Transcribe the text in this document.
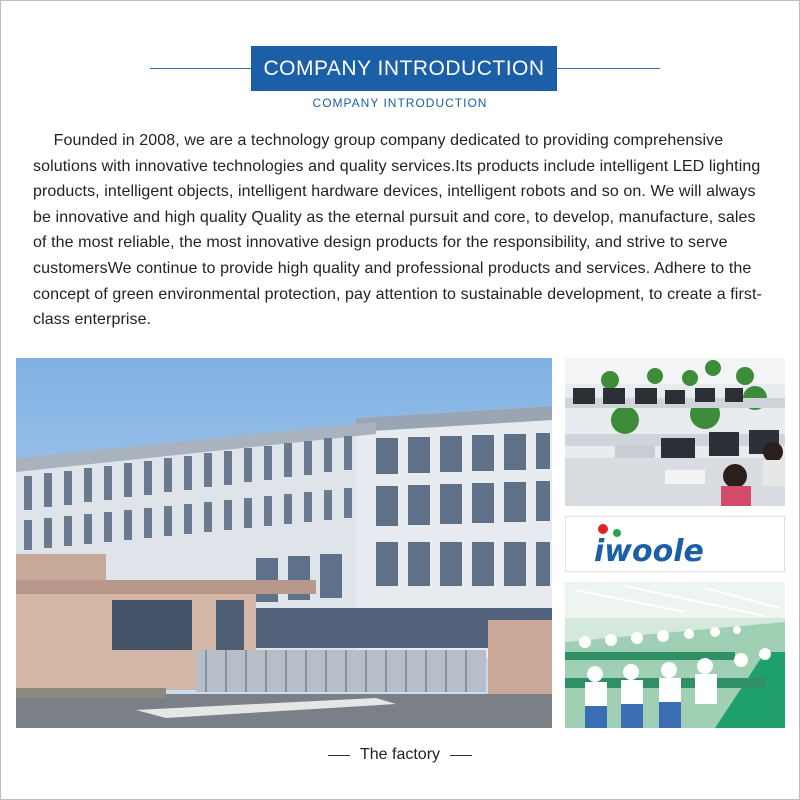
COMPANY INTRODUCTION
COMPANY INTRODUCTION

  Founded in 2008, we are a technology group company dedicated to providing comprehensive solutions with innovative technologies and quality services.Its products include intelligent LED lighting products, intelligent objects, intelligent hardware devices, intelligent robots and so on. We will always be innovative and high quality Quality as the eternal pursuit and core, to develop, manufacture, sales of the most reliable, the most innovative design products for the responsibility, and strive to serve customersWe continue to provide high quality and professional products and services. Adhere to the concept of green environmental protection, pay attention to sustainable development, to create a first-class enterprise.

iwoole
The factory
